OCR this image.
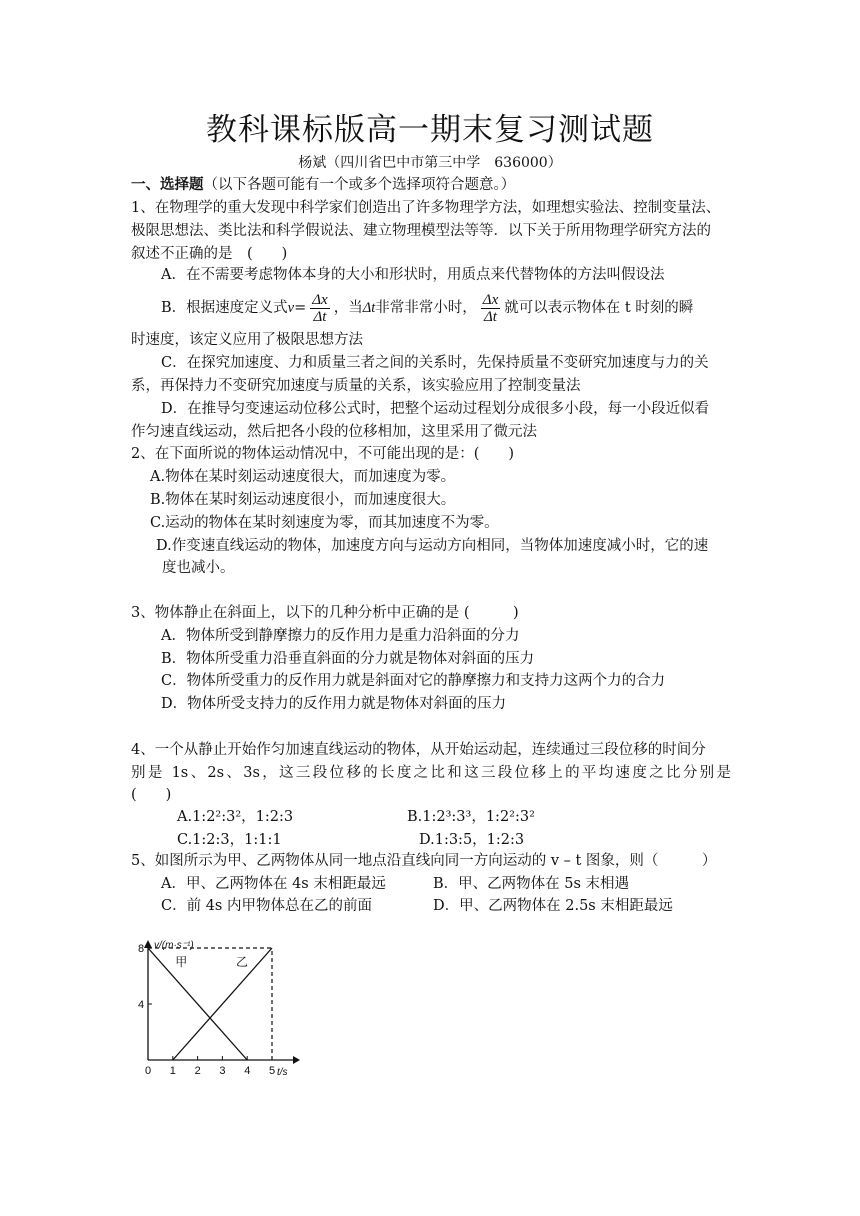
教科课标版高一期末复习测试题
杨斌（四川省巴中市第三中学　636000）
一、选择题（以下各题可能有一个或多个选择项符合题意。）
1、在物理学的重大发现中科学家们创造出了许多物理学方法，如理想实验法、控制变量法、
极限思想法、类比法和科学假说法、建立物理模型法等等．以下关于所用物理学研究方法的
叙述不正确的是　(　　)
A．在不需要考虑物体本身的大小和形状时，用质点来代替物体的方法叫假设法
B．根据速度定义式$v= \frac{\Delta x}{\Delta t}$ ，当Δt非常非常小时， $\frac{\Delta x}{\Delta t}$ 就可以表示物体在 t 时刻的瞬
时速度，该定义应用了极限思想方法
C．在探究加速度、力和质量三者之间的关系时，先保持质量不变研究加速度与力的关
系，再保持力不变研究加速度与质量的关系，该实验应用了控制变量法
D．在推导匀变速运动位移公式时，把整个运动过程划分成很多小段，每一小段近似看
作匀速直线运动，然后把各小段的位移相加，这里采用了微元法
2、在下面所说的物体运动情况中，不可能出现的是：(　　)
A.物体在某时刻运动速度很大，而加速度为零。
B.物体在某时刻运动速度很小，而加速度很大。
C.运动的物体在某时刻速度为零，而其加速度不为零。
D.作变速直线运动的物体，加速度方向与运动方向相同，当物体加速度减小时，它的速
度也减小。
3、物体静止在斜面上，以下的几种分析中正确的是 (　　　)
A．物体所受到静摩擦力的反作用力是重力沿斜面的分力
B．物体所受重力沿垂直斜面的分力就是物体对斜面的压力
C．物体所受重力的反作用力就是斜面对它的静摩擦力和支持力这两个力的合力
D．物体所受支持力的反作用力就是物体对斜面的压力
4、一个从静止开始作匀加速直线运动的物体，从开始运动起，连续通过三段位移的时间分
别是 1s、2s、3s，这三段位移的长度之比和这三段位移上的平均速度之比分别是
(　　)
A.1:2²:3²，1:2:3	B.1:2³:3³，1:2²:3²
C.1:2:3，1:1:1	D.1:3:5，1:2:3
5、如图所示为甲、乙两物体从同一地点沿直线向同一方向运动的 v – t 图象，则（　　　）
A．甲、乙两物体在 4s 末相距最远	B．甲、乙两物体在 5s 末相遇
C．前 4s 内甲物体总在乙的前面	D．甲、乙两物体在 2.5s 末相距最远
v/(m·s⁻¹)
t/s
甲	乙
0 1 2 3 4 5
4
8
